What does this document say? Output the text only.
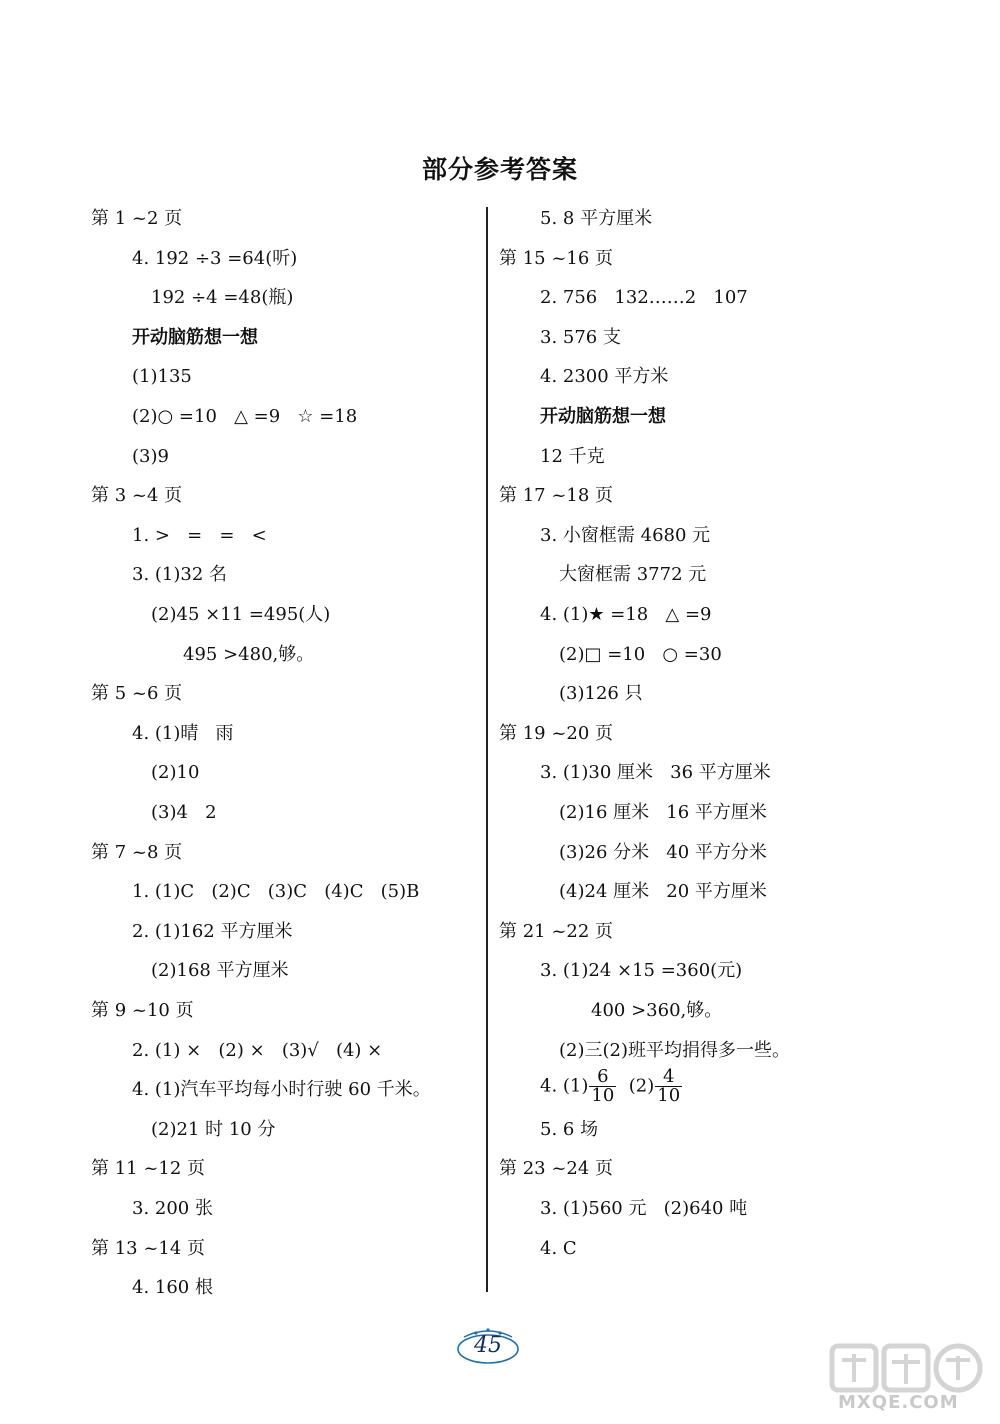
部分参考答案
第 1 ~2 页
4. 192 ÷3 =64(听)
192 ÷4 =48(瓶)
开动脑筋想一想
(1)135
(2)○ =10   △ =9   ☆ =18
(3)9
第 3 ~4 页
1. >   =   =   <
3. (1)32 名
(2)45 ×11 =495(人)
495 >480,够。
第 5 ~6 页
4. (1)晴   雨
(2)10
(3)4   2
第 7 ~8 页
1. (1)C   (2)C   (3)C   (4)C   (5)B
2. (1)162 平方厘米
(2)168 平方厘米
第 9 ~10 页
2. (1) ×   (2) ×   (3)√   (4) ×
4. (1)汽车平均每小时行驶 60 千米。
(2)21 时 10 分
第 11 ~12 页
3. 200 张
第 13 ~14 页
4. 160 根
5. 8 平方厘米
第 15 ~16 页
2. 756   132……2   107
3. 576 支
4. 2300 平方米
开动脑筋想一想
12 千克
第 17 ~18 页
3. 小窗框需 4680 元
大窗框需 3772 元
4. (1)★ =18   △ =9
(2)□ =10   ○ =30
(3)126 只
第 19 ~20 页
3. (1)30 厘米   36 平方厘米
(2)16 厘米   16 平方厘米
(3)26 分米   40 平方分米
(4)24 厘米   20 平方厘米
第 21 ~22 页
3. (1)24 ×15 =360(元)
400 >360,够。
(2)三(2)班平均捐得多一些。
4. $(1) \frac{6}{10} (2) \frac{4}{10}$
5. 6 场
第 23 ~24 页
3. (1)560 元   (2)640 吨
4. C
45
MXQE.COM
